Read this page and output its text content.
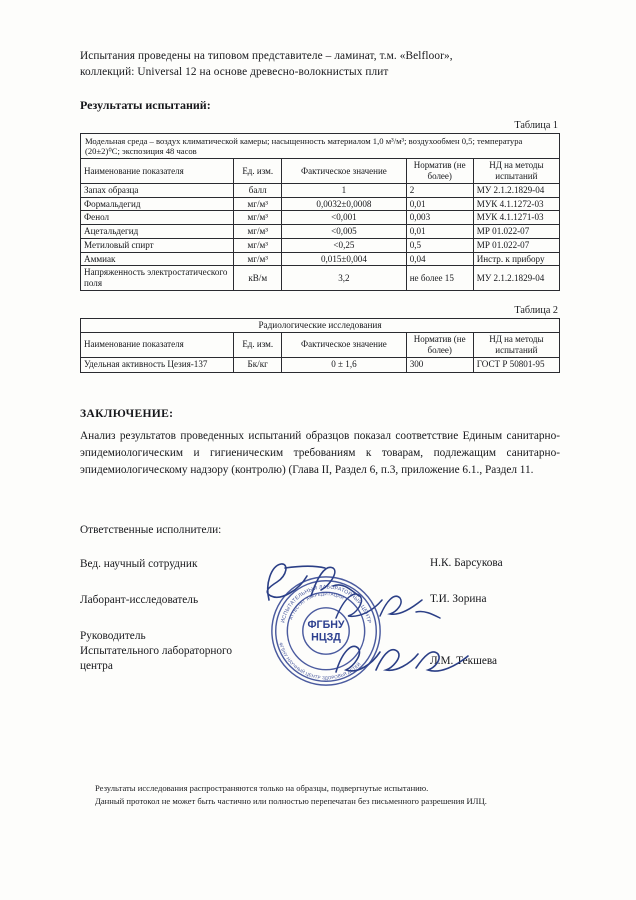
Испытания проведены на типовом представителе – ламинат, т.м. «Belfloor»,
коллекций: Universal 12 на основе древесно-волокнистых плит
Результаты испытаний:
Таблица 1
Модельная среда – воздух климатической камеры; насыщенность материалом 1,0 м³/м³; воздухообмен 0,5; температура (20±2)⁰С; экспозиция 48 часов				
Наименование показателя	Ед. изм.	Фактическое значение	Норматив (не более)	НД на методы испытаний
Запах образца	балл	1	2	МУ 2.1.2.1829-04
Формальдегид	мг/м³	0,0032±0,0008	0,01	МУК 4.1.1272-03
Фенол	мг/м³	<0,001	0,003	МУК 4.1.1271-03
Ацетальдегид	мг/м³	<0,005	0,01	МР 01.022-07
Метиловый спирт	мг/м³	<0,25	0,5	МР 01.022-07
Аммиак	мг/м³	0,015±0,004	0,04	Инстр. к прибору
Напряженность электростатического поля	кВ/м	3,2	не более 15	МУ 2.1.2.1829-04
Таблица 2
Радиологические исследования				
Наименование показателя	Ед. изм.	Фактическое значение	Норматив (не более)	НД на методы испытаний
Удельная активность Цезия-137	Бк/кг	0 ± 1,6	300	ГОСТ Р 50801-95
ЗАКЛЮЧЕНИЕ:
Анализ результатов проведенных испытаний образцов показал соответствие Единым санитарно-эпидемиологическим и гигиеническим требованиям к товарам, подлежащим санитарно-эпидемиологическому надзору (контролю) (Глава II, Раздел 6, п.3, приложение 6.1., Раздел 11.
Ответственные исполнители:
Вед. научный сотрудник	Н.К. Барсукова
Лаборант-исследователь	Т.И. Зорина
Руководитель
Испытательного лабораторного
центра	Л.М. Текшева
ИСПЫТАТЕЛЬНЫЙ ЛАБОРАТОРНЫЙ ЦЕНТР
ФГБНУ НАУЧНЫЙ ЦЕНТР ЗДОРОВЬЯ ДЕТЕЙ
АТТЕСТАТ АККРЕДИТАЦИИ
ФГБНУ
НЦЗД
Результаты исследования распространяются только на образцы, подвергнутые испытанию.
Данный протокол не может быть частично или полностью перепечатан без письменного разрешения ИЛЦ.
